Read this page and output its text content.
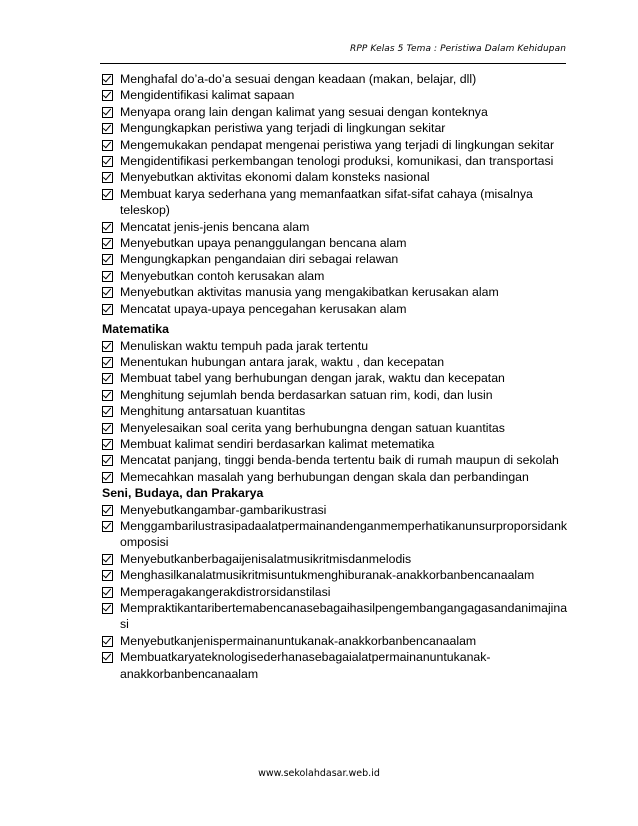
RPP Kelas 5 Tema : Peristiwa Dalam Kehidupan
Menghafal do’a-do’a sesuai dengan keadaan (makan, belajar, dll)
Mengidentifikasi kalimat sapaan
Menyapa orang lain dengan kalimat yang sesuai dengan konteknya
Mengungkapkan peristiwa yang terjadi di lingkungan sekitar
Mengemukakan pendapat mengenai peristiwa yang terjadi di lingkungan sekitar
Mengidentifikasi perkembangan tenologi produksi, komunikasi, dan transportasi
Menyebutkan aktivitas ekonomi dalam konsteks nasional
Membuat karya sederhana yang memanfaatkan sifat-sifat cahaya (misalnya teleskop)
Mencatat jenis-jenis bencana alam
Menyebutkan upaya penanggulangan bencana alam
Mengungkapkan pengandaian diri sebagai relawan
Menyebutkan contoh kerusakan alam
Menyebutkan aktivitas manusia yang mengakibatkan kerusakan alam
Mencatat upaya-upaya pencegahan kerusakan alam
Matematika
Menuliskan waktu tempuh pada jarak tertentu
Menentukan hubungan antara jarak, waktu , dan kecepatan
Membuat tabel yang berhubungan dengan jarak, waktu dan kecepatan
Menghitung sejumlah benda berdasarkan satuan rim, kodi, dan lusin
Menghitung antarsatuan kuantitas
Menyelesaikan soal cerita yang berhubungna dengan satuan kuantitas
Membuat kalimat sendiri berdasarkan kalimat metematika
Mencatat panjang, tinggi benda-benda tertentu baik di rumah maupun di sekolah
Memecahkan masalah yang berhubungan dengan skala dan perbandingan
Seni, Budaya, dan Prakarya
Menyebutkangambar-gambarikustrasi
Menggambarilustrasipadaalatpermainandenganmemperhatikanunsurproporsidankomposisi
Menyebutkanberbagaijenisalatmusikritmisdanmelodis
Menghasilkanalatmusikritmisuntukmenghiburanak-anakkorbanbencanaalam
Memperagakangerakdistrorsidanstilasi
Mempraktikantaribertemabencanasebagaihasilpengembangangagasandanimajinasi
Menyebutkanjenispermainanuntukanak-anakkorbanbencanaalam
Membuatkaryateknologisederhanasebagaialatpermainanuntukanak-anakkorbanbencanaalam
www.sekolahdasar.web.id
